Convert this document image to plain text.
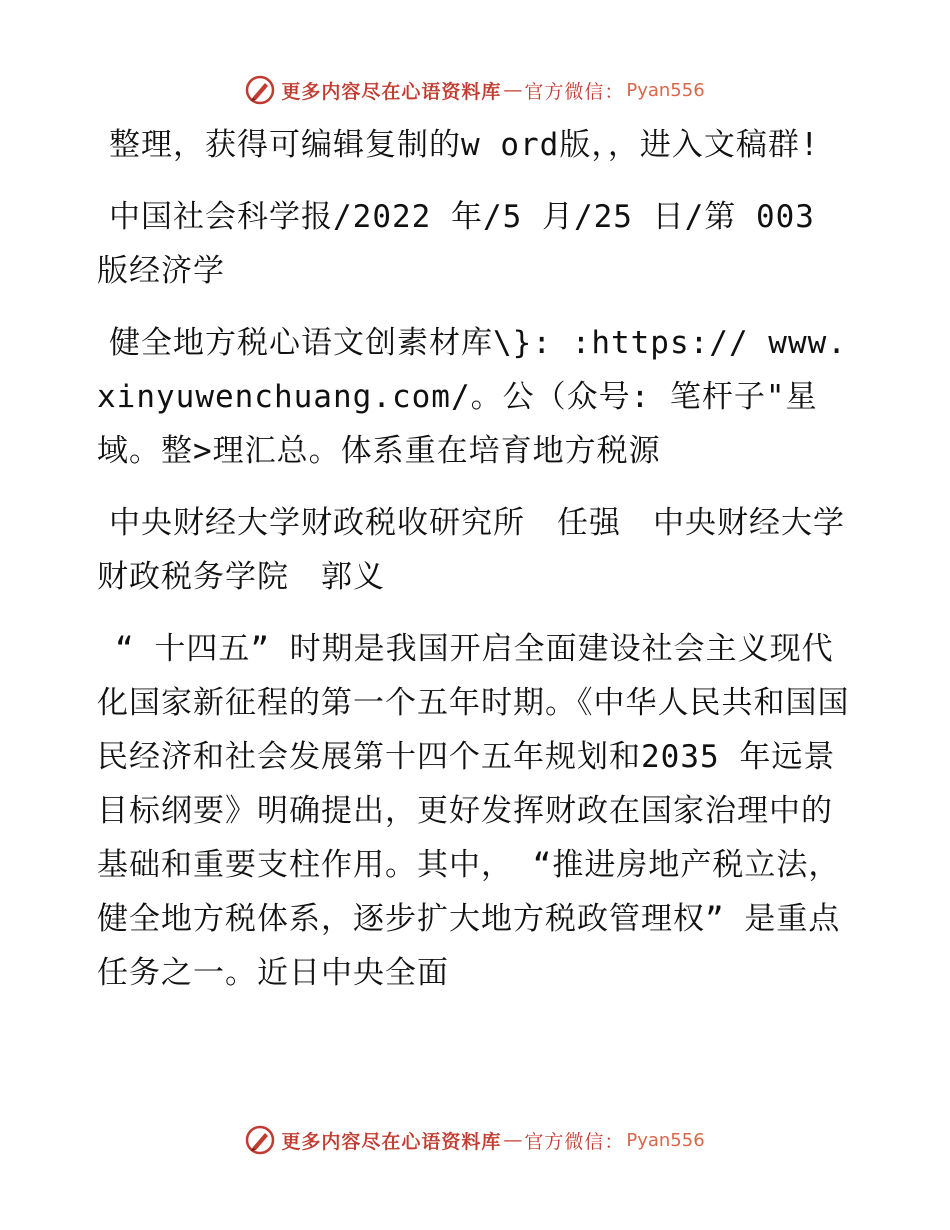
更多内容尽在心语资料库 — 官方微信： Pyan556

整理，获得可编辑复制的w ord版，，进入文稿群!

中国社会科学报/2022 年/5 月/25 日/第 003 版经济学

健全地方税心语文创素材库\}: :https:// www.xinyuwenchuang.com/。公（众号: 笔杆子"星域。整>理汇总。体系重在培育地方税源

中央财经大学财政税收研究所　任强　中央财经大学财政税务学院　郭义

“ 十四五” 时期是我国开启全面建设社会主义现代化国家新征程的第一个五年时期。《中华人民共和国国民经济和社会发展第十四个五年规划和2035 年远景目标纲要》明确提出，更好发挥财政在国家治理中的基础和重要支柱作用。其中， “推进房地产税立法，健全地方税体系，逐步扩大地方税政管理权” 是重点任务之一。近日中央全面

更多内容尽在心语资料库 — 官方微信： Pyan556
